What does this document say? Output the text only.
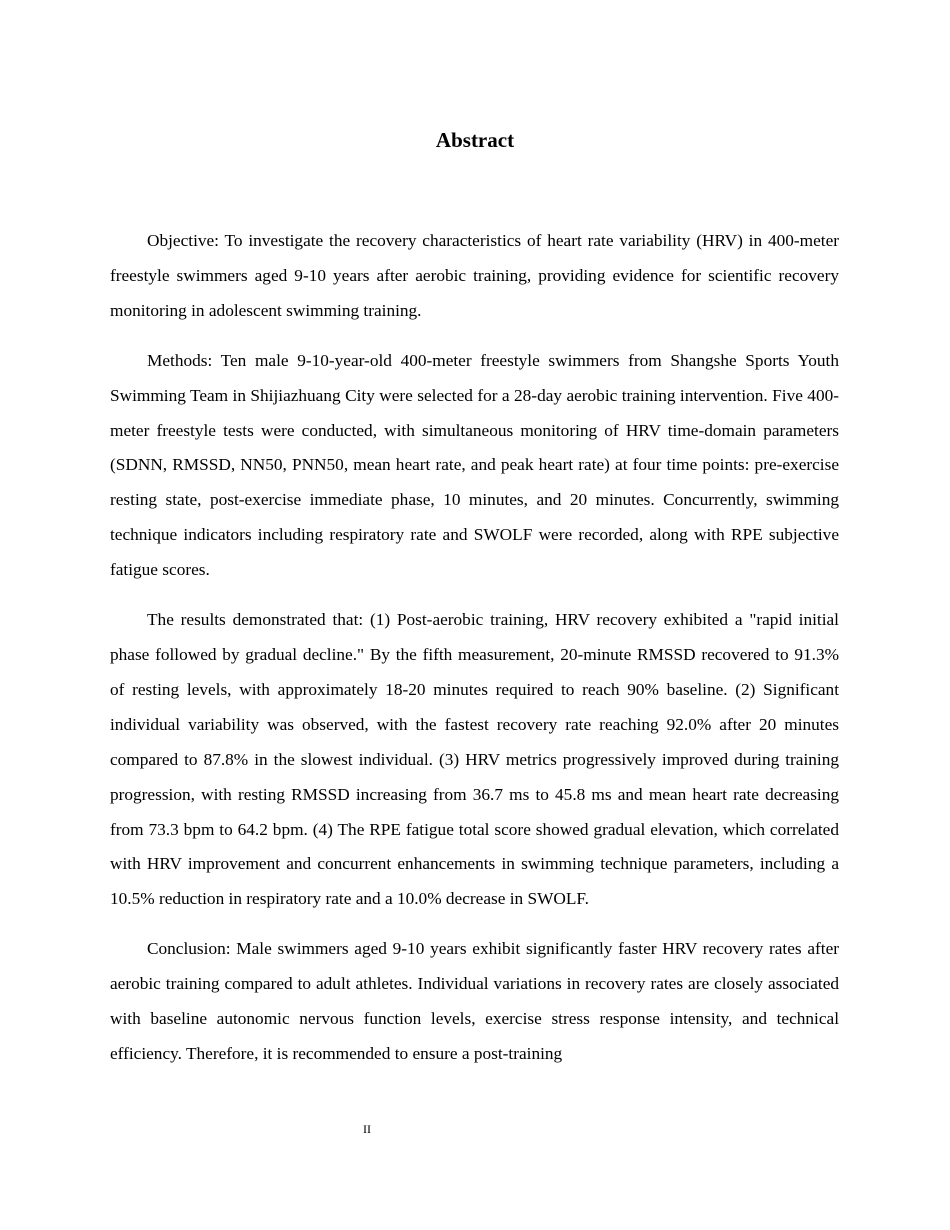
Abstract

Objective: To investigate the recovery characteristics of heart rate variability (HRV) in 400-meter freestyle swimmers aged 9-10 years after aerobic training, providing evidence for scientific recovery monitoring in adolescent swimming training.

Methods: Ten male 9-10-year-old 400-meter freestyle swimmers from Shangshe Sports Youth Swimming Team in Shijiazhuang City were selected for a 28-day aerobic training intervention. Five 400-meter freestyle tests were conducted, with simultaneous monitoring of HRV time-domain parameters (SDNN, RMSSD, NN50, PNN50, mean heart rate, and peak heart rate) at four time points: pre-exercise resting state, post-exercise immediate phase, 10 minutes, and 20 minutes. Concurrently, swimming technique indicators including respiratory rate and SWOLF were recorded, along with RPE subjective fatigue scores.

The results demonstrated that: (1) Post-aerobic training, HRV recovery exhibited a "rapid initial phase followed by gradual decline." By the fifth measurement, 20-minute RMSSD recovered to 91.3% of resting levels, with approximately 18-20 minutes required to reach 90% baseline. (2) Significant individual variability was observed, with the fastest recovery rate reaching 92.0% after 20 minutes compared to 87.8% in the slowest individual. (3) HRV metrics progressively improved during training progression, with resting RMSSD increasing from 36.7 ms to 45.8 ms and mean heart rate decreasing from 73.3 bpm to 64.2 bpm. (4) The RPE fatigue total score showed gradual elevation, which correlated with HRV improvement and concurrent enhancements in swimming technique parameters, including a 10.5% reduction in respiratory rate and a 10.0% decrease in SWOLF.

Conclusion: Male swimmers aged 9-10 years exhibit significantly faster HRV recovery rates after aerobic training compared to adult athletes. Individual variations in recovery rates are closely associated with baseline autonomic nervous function levels, exercise stress response intensity, and technical efficiency. Therefore, it is recommended to ensure a post-training

II
